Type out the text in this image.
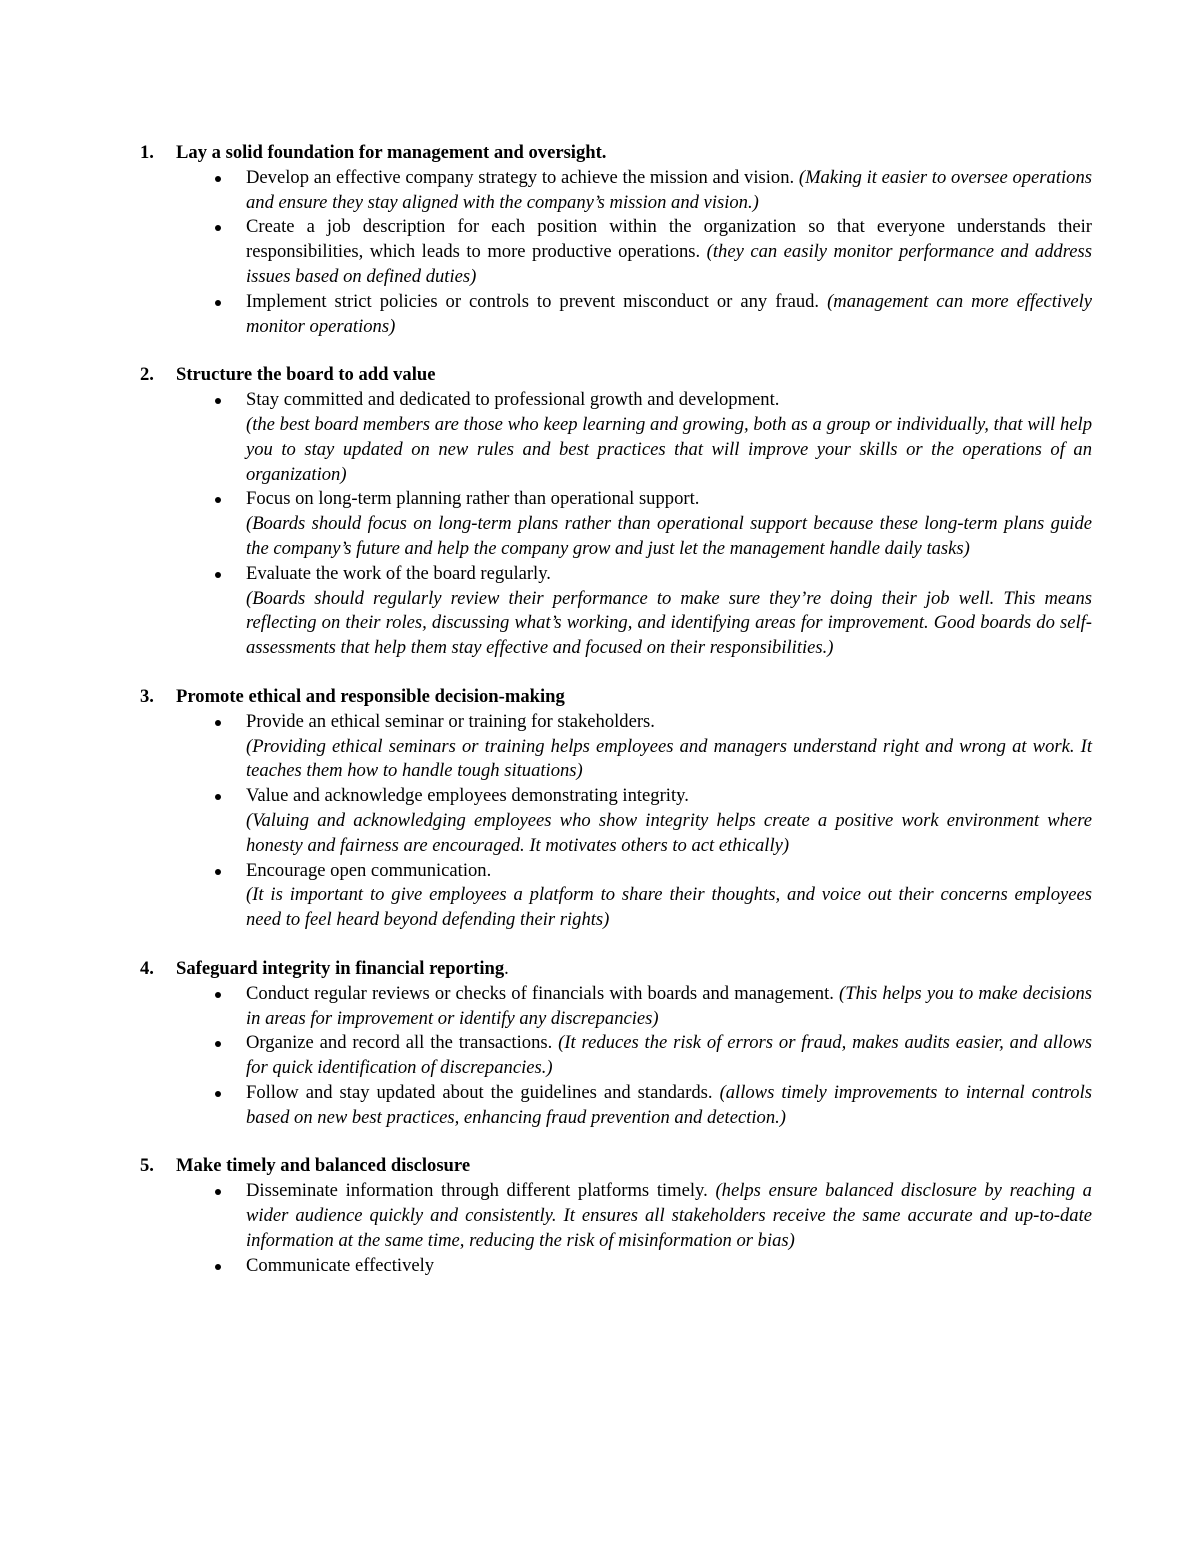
1. Lay a solid foundation for management and oversight.
Develop an effective company strategy to achieve the mission and vision. (Making it easier to oversee operations and ensure they stay aligned with the company’s mission and vision.)
Create a job description for each position within the organization so that everyone understands their responsibilities, which leads to more productive operations. (they can easily monitor performance and address issues based on defined duties)
Implement strict policies or controls to prevent misconduct or any fraud. (management can more effectively monitor operations)
2. Structure the board to add value
Stay committed and dedicated to professional growth and development.
(the best board members are those who keep learning and growing, both as a group or individually, that will help you to stay updated on new rules and best practices that will improve your skills or the operations of an organization)
Focus on long-term planning rather than operational support.
(Boards should focus on long-term plans rather than operational support because these long-term plans guide the company’s future and help the company grow and just let the management handle daily tasks)
Evaluate the work of the board regularly.
(Boards should regularly review their performance to make sure they’re doing their job well. This means reflecting on their roles, discussing what’s working, and identifying areas for improvement. Good boards do self-assessments that help them stay effective and focused on their responsibilities.)
3. Promote ethical and responsible decision-making
Provide an ethical seminar or training for stakeholders.
(Providing ethical seminars or training helps employees and managers understand right and wrong at work. It teaches them how to handle tough situations)
Value and acknowledge employees demonstrating integrity.
(Valuing and acknowledging employees who show integrity helps create a positive work environment where honesty and fairness are encouraged. It motivates others to act ethically)
Encourage open communication.
(It is important to give employees a platform to share their thoughts, and voice out their concerns employees need to feel heard beyond defending their rights)
4. Safeguard integrity in financial reporting.
Conduct regular reviews or checks of financials with boards and management. (This helps you to make decisions in areas for improvement or identify any discrepancies)
Organize and record all the transactions. (It reduces the risk of errors or fraud, makes audits easier, and allows for quick identification of discrepancies.)
Follow and stay updated about the guidelines and standards. (allows timely improvements to internal controls based on new best practices, enhancing fraud prevention and detection.)
5. Make timely and balanced disclosure
Disseminate information through different platforms timely. (helps ensure balanced disclosure by reaching a wider audience quickly and consistently. It ensures all stakeholders receive the same accurate and up-to-date information at the same time, reducing the risk of misinformation or bias)
Communicate effectively
